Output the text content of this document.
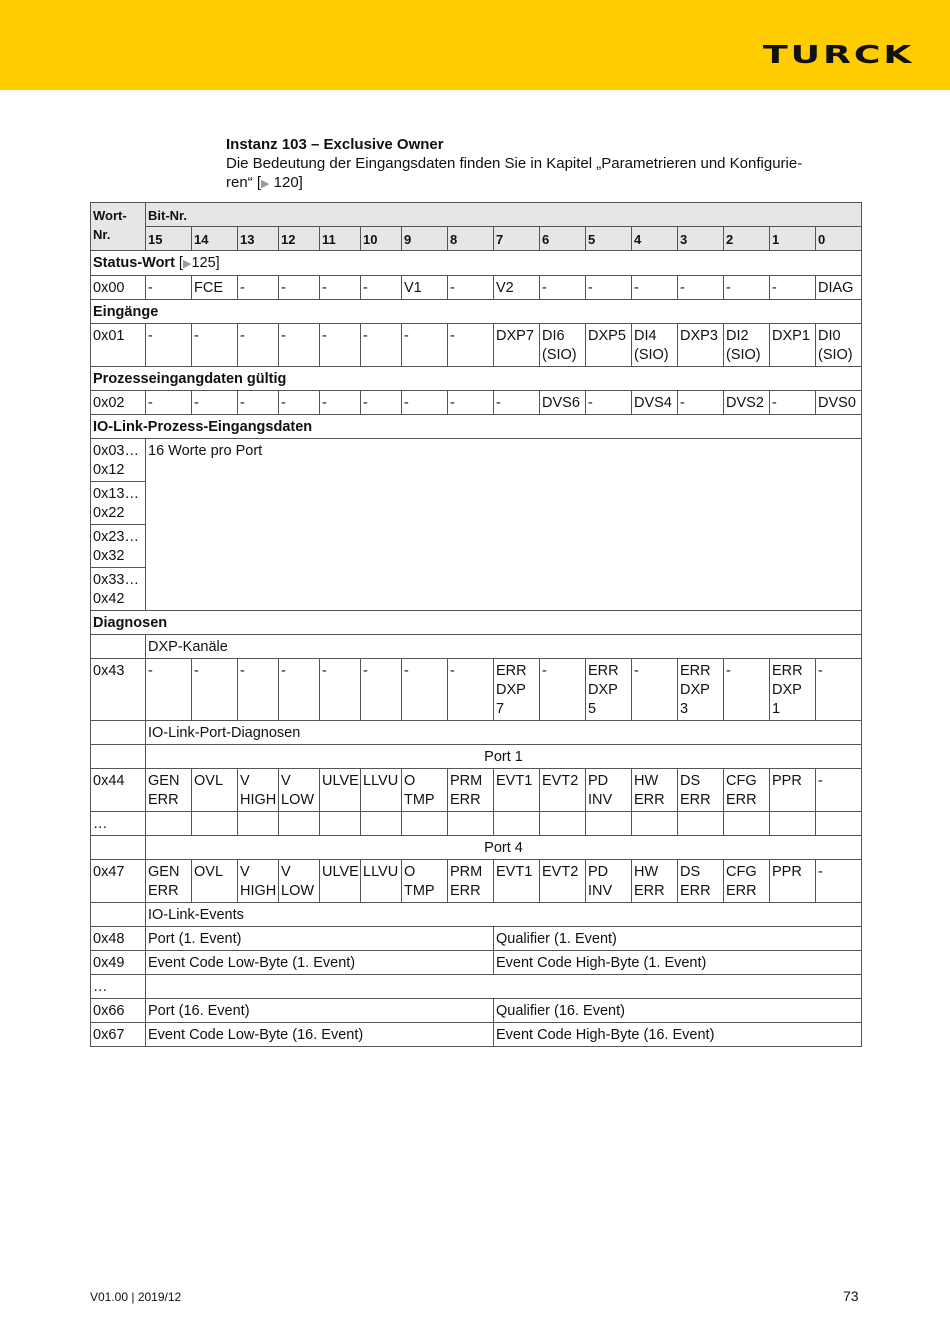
TURCK
Instanz 103 – Exclusive Owner
Die Bedeutung der Eingangsdaten finden Sie in Kapitel „Parametrieren und Konfigurie-
ren“ [▶ 120]
Wort-Nr.	Bit-Nr.															
	15	14	13	12	11	10	9	8	7	6	5	4	3	2	1	0
Status-Wort [▶125]																
0x00	-	FCE	-	-	-	-	V1	-	V2	-	-	-	-	-	-	DIAG
Eingänge																
0x01	-	-	-	-	-	-	-	-	DXP7	DI6 (SIO)	DXP5	DI4 (SIO)	DXP3	DI2 (SIO)	DXP1	DI0 (SIO)
Prozesseingangdaten gültig																
0x02	-	-	-	-	-	-	-	-	-	DVS6	-	DVS4	-	DVS2	-	DVS0
IO-Link-Prozess-Eingangsdaten																
0x03… 0x12	16 Worte pro Port															
0x13… 0x22																
0x23… 0x32																
0x33… 0x42																
Diagnosen																
	DXP-Kanäle															
0x43	-	-	-	-	-	-	-	-	ERR DXP 7	-	ERR DXP 5	-	ERR DXP 3	-	ERR DXP 1	-
	IO-Link-Port-Diagnosen															
	Port 1															
0x44	GEN ERR	OVL	V HIGH	V LOW	ULVE	LLVU	O TMP	PRM ERR	EVT1	EVT2	PD INV	HW ERR	DS ERR	CFG ERR	PPR	-
…																
	Port 4															
0x47	GEN ERR	OVL	V HIGH	V LOW	ULVE	LLVU	O TMP	PRM ERR	EVT1	EVT2	PD INV	HW ERR	DS ERR	CFG ERR	PPR	-
	IO-Link-Events															
0x48	Port (1. Event)								Qualifier (1. Event)							
0x49	Event Code Low-Byte (1. Event)								Event Code High-Byte (1. Event)							
…																
0x66	Port (16. Event)								Qualifier (16. Event)							
0x67	Event Code Low-Byte (16. Event)								Event Code High-Byte (16. Event)							
V01.00 | 2019/12	73
